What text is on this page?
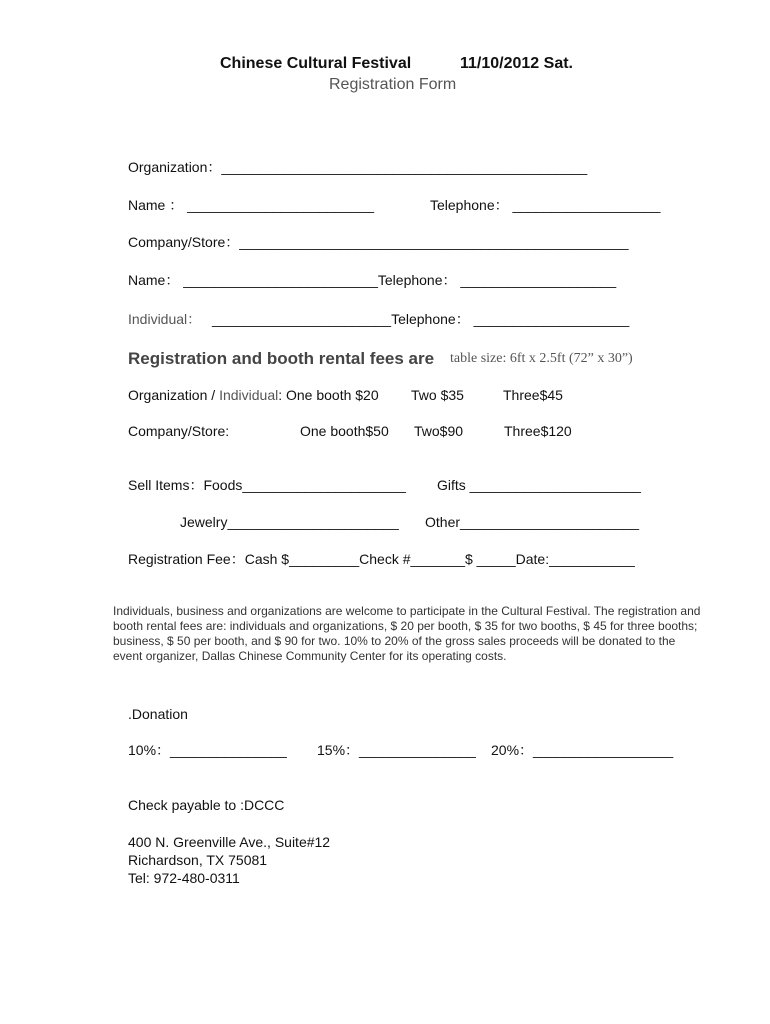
Chinese Cultural Festival	11/10/2012 Sat.
Registration Form
Organization：_______________________________________________
Name ： ________________________	Telephone： ___________________
Company/Store：__________________________________________________
Name： _________________________Telephone： ____________________
Individual： _______________________Telephone： ____________________
Registration and booth rental fees are table size: 6ft x 2.5ft (72” x 30”)
Organization / Individual: One booth $20 Two $35	Three$45
Company/Store:	One booth$50 Two$90	Three$120
Sell Items：Foods_____________________ Gifts ______________________
Jewelry______________________ Other_______________________
Registration Fee：Cash $_________Check #_______$ _____Date:___________
Individuals, business and organizations are welcome to participate in the Cultural Festival. The registration and booth rental fees are: individuals and organizations, $ 20 per booth, $ 35 for two booths, $ 45 for three booths; business, $ 50 per booth, and $ 90 for two. 10% to 20% of the gross sales proceeds will be donated to the event organizer, Dallas Chinese Community Center for its operating costs.
.Donation
10%：_______________ 15%：_______________ 20%：__________________
Check payable to :DCCC
400 N. Greenville Ave., Suite#12
Richardson, TX 75081
Tel: 972-480-0311
